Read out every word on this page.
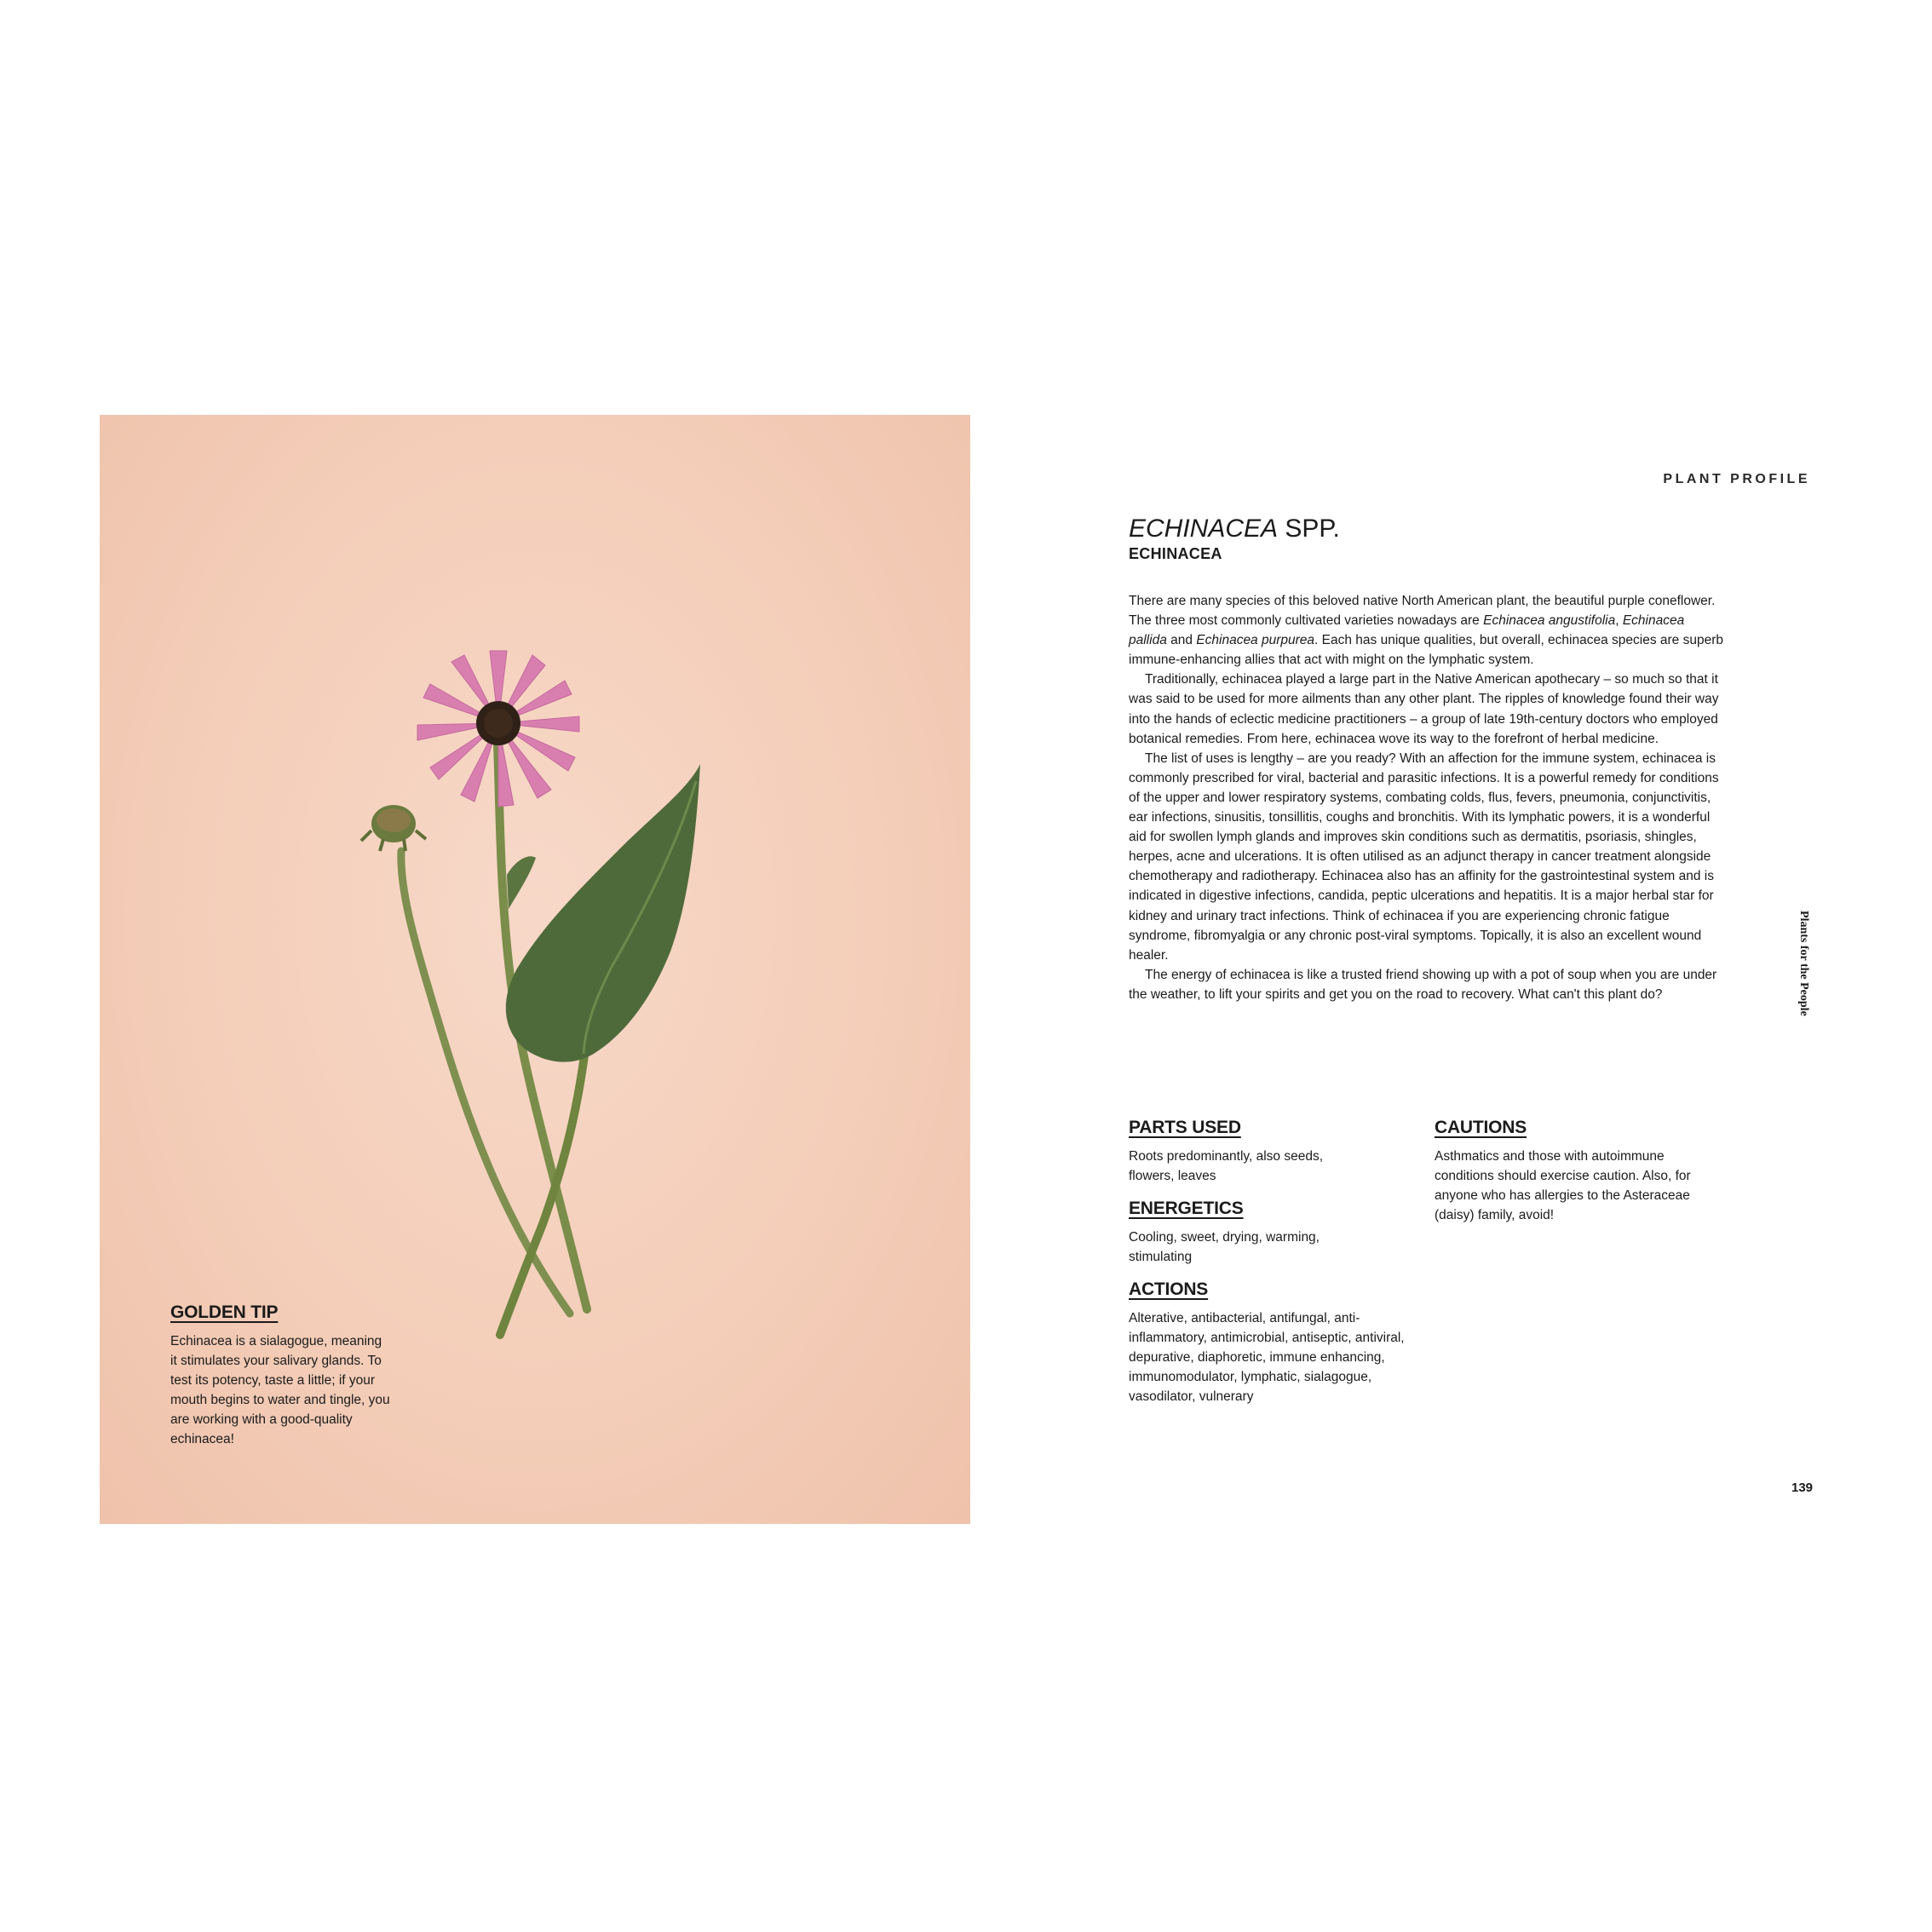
GOLDEN TIP

Echinacea is a sialagogue, meaning it stimulates your salivary glands. To test its potency, taste a little; if your mouth begins to water and tingle, you are working with a good-quality echinacea!

PLANT PROFILE
ECHINACEA SPP.
ECHINACEA

There are many species of this beloved native North American plant, the beautiful purple coneflower. The three most commonly cultivated varieties nowadays are Echinacea angustifolia, Echinacea pallida and Echinacea purpurea. Each has unique qualities, but overall, echinacea species are superb immune-enhancing allies that act with might on the lymphatic system.

Traditionally, echinacea played a large part in the Native American apothecary – so much so that it was said to be used for more ailments than any other plant. The ripples of knowledge found their way into the hands of eclectic medicine practitioners – a group of late 19th-century doctors who employed botanical remedies. From here, echinacea wove its way to the forefront of herbal medicine.

The list of uses is lengthy – are you ready? With an affection for the immune system, echinacea is commonly prescribed for viral, bacterial and parasitic infections. It is a powerful remedy for conditions of the upper and lower respiratory systems, combating colds, flus, fevers, pneumonia, conjunctivitis, ear infections, sinusitis, tonsillitis, coughs and bronchitis. With its lymphatic powers, it is a wonderful aid for swollen lymph glands and improves skin conditions such as dermatitis, psoriasis, shingles, herpes, acne and ulcerations. It is often utilised as an adjunct therapy in cancer treatment alongside chemotherapy and radiotherapy. Echinacea also has an affinity for the gastrointestinal system and is indicated in digestive infections, candida, peptic ulcerations and hepatitis. It is a major herbal star for kidney and urinary tract infections. Think of echinacea if you are experiencing chronic fatigue syndrome, fibromyalgia or any chronic post-viral symptoms. Topically, it is also an excellent wound healer.

The energy of echinacea is like a trusted friend showing up with a pot of soup when you are under the weather, to lift your spirits and get you on the road to recovery. What can't this plant do?

PARTS USED

Roots predominantly, also seeds, flowers, leaves

ENERGETICS

Cooling, sweet, drying, warming, stimulating

ACTIONS

Alterative, antibacterial, antifungal, anti-inflammatory, antimicrobial, antiseptic, antiviral, depurative, diaphoretic, immune enhancing, immunomodulator, lymphatic, sialagogue, vasodilator, vulnerary

CAUTIONS

Asthmatics and those with autoimmune conditions should exercise caution. Also, for anyone who has allergies to the Asteraceae (daisy) family, avoid!

Plants for the People
139
